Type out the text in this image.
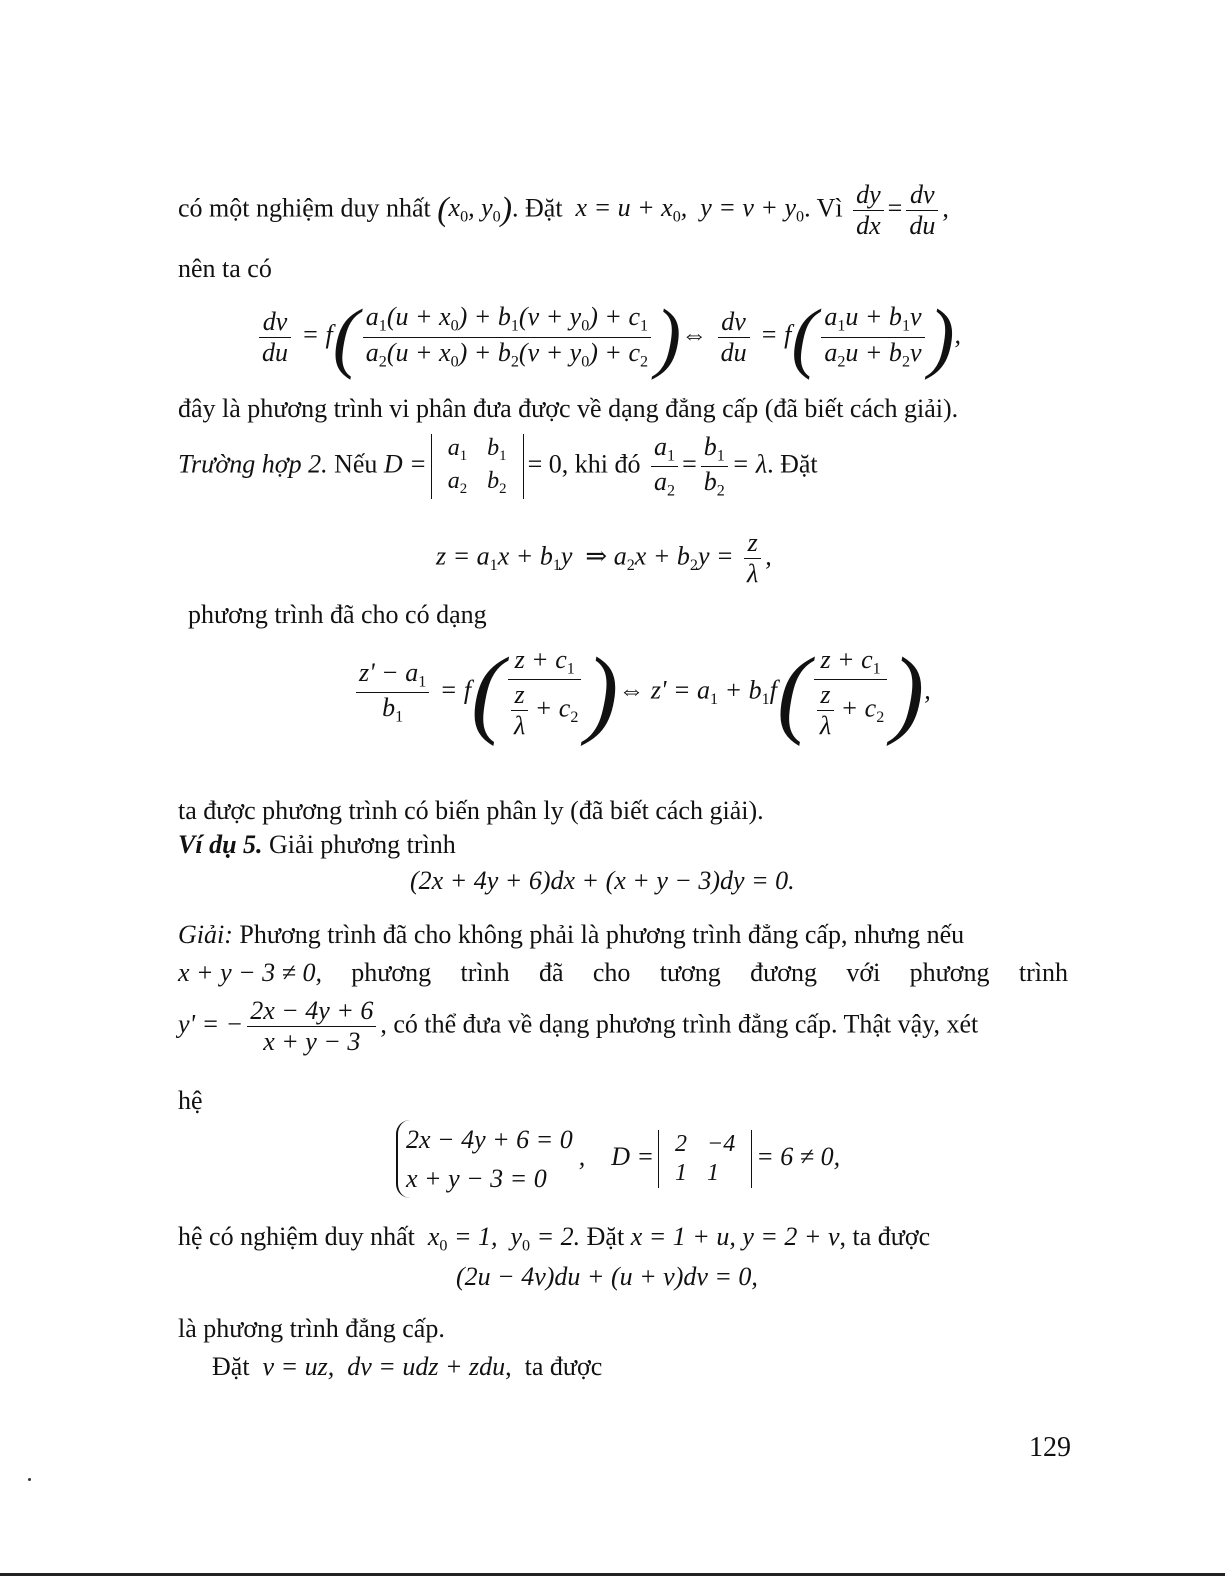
có một nghiệm duy nhất ($x_0$, $y_0$). Đặt  $x = u + x_0$,  $y = v + y_0$. Vì $\frac{dy}{dx} = \frac{dv}{du}$ ,
nên ta có
$\frac{dv}{du} = f( \frac{a_1(u + x_0) + b_1(v + y_0) + c_1}{a_2(u + x_0) + b_2(v + y_0) + c_2}$ )⇔ $\frac{dv}{du} = f( \frac{a_1u + b_1v}{a_2u + b_2v}$ ),
đây là phương trình vi phân đưa được về dạng đẳng cấp (đã biết cách giải).
Trường hợp 2. Nếu D =
$a_1$	$b_1$
$a_2$	$b_2$
= 0, khi đó $\frac{a_1}{a_2} = \frac{b_1}{b_2} = \lambda$. Đặt
$z = a_1x + b_1y$  ⇒ $a_2x + b_2y = \frac{z}{\lambda}$ ,
phương trình đã cho có dạng
$\frac{z' - a_1}{b_1} = f( \frac{z + c_1}{\frac{z}{\lambda} + c_2}$ )⇔ $z' = a_1 + b_1f( \frac{z + c_1}{\frac{z}{\lambda} + c_2}$ ),
ta được phương trình có biến phân ly (đã biết cách giải).
Ví dụ 5. Giải phương trình
(2x + 4y + 6)dx + (x + y − 3)dy = 0.
Giải: Phương trình đã cho không phải là phương trình đẳng cấp, nhưng nếu
x + y − 3 ≠ 0, phương trình đã cho tương đương với phương trình
y' = − $\frac{2x - 4y + 6}{x + y - 3}$ , có thể đưa về dạng phương trình đẳng cấp. Thật vậy, xét
hệ
2x − 4y + 6 = 0
x + y − 3 = 0
,    D = 2	−4
1	1
= 6 ≠ 0,
hệ có nghiệm duy nhất  $x_0 = 1$,  $y_0 = 2$. Đặt x = 1 + u, y = 2 + v, ta được
(2u − 4v)du + (u + v)dv = 0,
là phương trình đẳng cấp.
Đặt  v = uz,  dv = udz + zdu,  ta được
129
